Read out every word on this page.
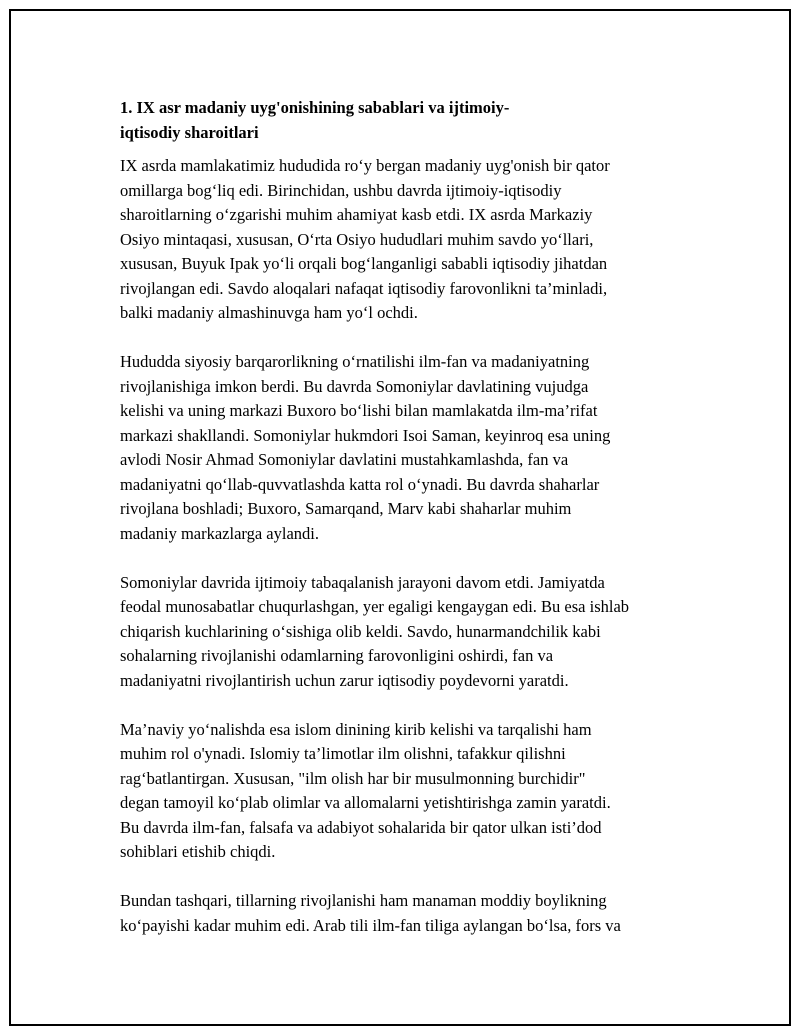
1. IX asr madaniy uyg'onishining sabablari va ijtimoiy-
iqtisodiy sharoitlari
IX asrda mamlakatimiz hududida ro‘y bergan madaniy uyg'onish bir qator
omillarga bog‘liq edi. Birinchidan, ushbu davrda ijtimoiy-iqtisodiy
sharoitlarning o‘zgarishi muhim ahamiyat kasb etdi. IX asrda Markaziy
Osiyo mintaqasi, xususan, O‘rta Osiyo hududlari muhim savdo yo‘llari,
xususan, Buyuk Ipak yo‘li orqali bog‘langanligi sababli iqtisodiy jihatdan
rivojlangan edi. Savdo aloqalari nafaqat iqtisodiy farovonlikni ta’minladi,
balki madaniy almashinuvga ham yo‘l ochdi.
Hududda siyosiy barqarorlikning o‘rnatilishi ilm-fan va madaniyatning
rivojlanishiga imkon berdi. Bu davrda Somoniylar davlatining vujudga
kelishi va uning markazi Buxoro bo‘lishi bilan mamlakatda ilm-ma’rifat
markazi shakllandi. Somoniylar hukmdori Isoi Saman, keyinroq esa uning
avlodi Nosir Ahmad Somoniylar davlatini mustahkamlashda, fan va
madaniyatni qo‘llab-quvvatlashda katta rol o‘ynadi. Bu davrda shaharlar
rivojlana boshladi; Buxoro, Samarqand, Marv kabi shaharlar muhim
madaniy markazlarga aylandi.
Somoniylar davrida ijtimoiy tabaqalanish jarayoni davom etdi. Jamiyatda
feodal munosabatlar chuqurlashgan, yer egaligi kengaygan edi. Bu esa ishlab
chiqarish kuchlarining o‘sishiga olib keldi. Savdo, hunarmandchilik kabi
sohalarning rivojlanishi odamlarning farovonligini oshirdi, fan va
madaniyatni rivojlantirish uchun zarur iqtisodiy poydevorni yaratdi.
Ma’naviy yo‘nalishda esa islom dinining kirib kelishi va tarqalishi ham
muhim rol o'ynadi. Islomiy ta’limotlar ilm olishni, tafakkur qilishni
rag‘batlantirgan. Xususan, "ilm olish har bir musulmonning burchidir"
degan tamoyil ko‘plab olimlar va allomalarni yetishtirishga zamin yaratdi.
Bu davrda ilm-fan, falsafa va adabiyot sohalarida bir qator ulkan isti’dod
sohiblari etishib chiqdi.
Bundan tashqari, tillarning rivojlanishi ham manaman moddiy boylikning
ko‘payishi kadar muhim edi. Arab tili ilm-fan tiliga aylangan bo‘lsa, fors va
